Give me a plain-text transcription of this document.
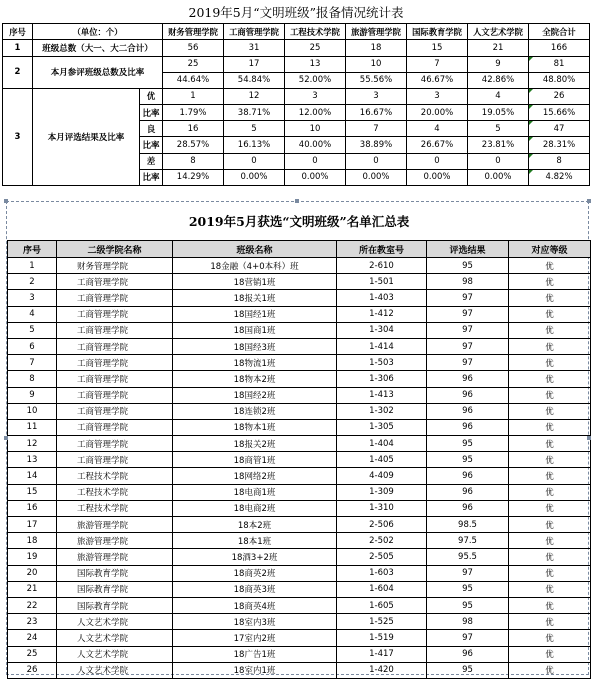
2019年5月“文明班级”报备情况统计表									
序号	（单位：个）		财务管理学院	工商管理学院	工程技术学院	旅游管理学院	国际教育学院	人文艺术学院	全院合计
1	班级总数（大一、大二合计）		56	31	25	18	15	21	166
2	本月参评班级总数及比率		25	17	13	10	7	9	81
			44.64%	54.84%	52.00%	55.56%	46.67%	42.86%	48.80%
3	本月评选结果及比率	优	1	12	3	3	3	4	26
		比率	1.79%	38.71%	12.00%	16.67%	20.00%	19.05%	15.66%
		良	16	5	10	7	4	5	47
		比率	28.57%	16.13%	40.00%	38.89%	26.67%	23.81%	28.31%
		差	8	0	0	0	0	0	8
		比率	14.29%	0.00%	0.00%	0.00%	0.00%	0.00%	4.82%
2019年5月获选“文明班级”名单汇总表					
序号	二级学院名称	班级名称	所在教室号	评选结果	对应等级
1	财务管理学院	18金融（4+0本科）班	2-610	95	优
2	工商管理学院	18营销1班	1-501	98	优
3	工商管理学院	18报关1班	1-403	97	优
4	工商管理学院	18国经1班	1-412	97	优
5	工商管理学院	18国商1班	1-304	97	优
6	工商管理学院	18国经3班	1-414	97	优
7	工商管理学院	18物流1班	1-503	97	优
8	工商管理学院	18物本2班	1-306	96	优
9	工商管理学院	18国经2班	1-413	96	优
10	工商管理学院	18连锁2班	1-302	96	优
11	工商管理学院	18物本1班	1-305	96	优
12	工商管理学院	18报关2班	1-404	95	优
13	工商管理学院	18商管1班	1-405	95	优
14	工程技术学院	18网络2班	4-409	96	优
15	工程技术学院	18电商1班	1-309	96	优
16	工程技术学院	18电商2班	1-310	96	优
17	旅游管理学院	18本2班	2-506	98.5	优
18	旅游管理学院	18本1班	2-502	97.5	优
19	旅游管理学院	18酒3+2班	2-505	95.5	优
20	国际教育学院	18商英2班	1-603	97	优
21	国际教育学院	18商英3班	1-604	95	优
22	国际教育学院	18商英4班	1-605	95	优
23	人文艺术学院	18室内3班	1-525	98	优
24	人文艺术学院	17室内2班	1-519	97	优
25	人文艺术学院	18广告1班	1-417	96	优
26	人文艺术学院	18室内1班	1-420	95	优
